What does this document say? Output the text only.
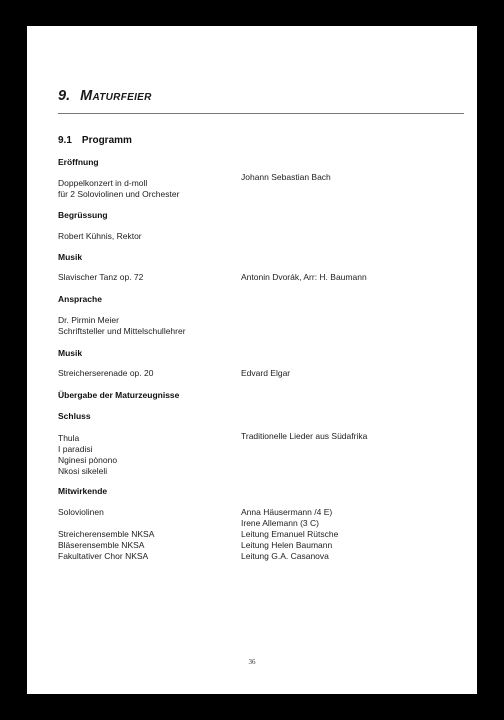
9. Maturfeier
9.1 Programm
Eröffnung
Doppelkonzert in d-moll
für 2 Soloviolinen und Orchester
Johann Sebastian Bach
Begrüssung
Robert Kühnis, Rektor
Musik
Slavischer Tanz op. 72	Antonin Dvorák, Arr: H. Baumann
Ansprache
Dr. Pirmin Meier
Schriftsteller und Mittelschullehrer
Musik
Streicherserenade op. 20	Edvard Elgar
Übergabe der Maturzeugnisse
Schluss
Thula
I paradisi
Nginesi pònono
Nkosi sikeleli
Traditionelle Lieder aus Südafrika
Mitwirkende
Soloviolinen
Streicherensemble NKSA
Bläserensemble NKSA
Fakultativer Chor NKSA
Anna Häusermann /4 E)
Irene Allemann (3 C)
Leitung Emanuel Rütsche
Leitung Helen Baumann
Leitung G.A. Casanova
36
